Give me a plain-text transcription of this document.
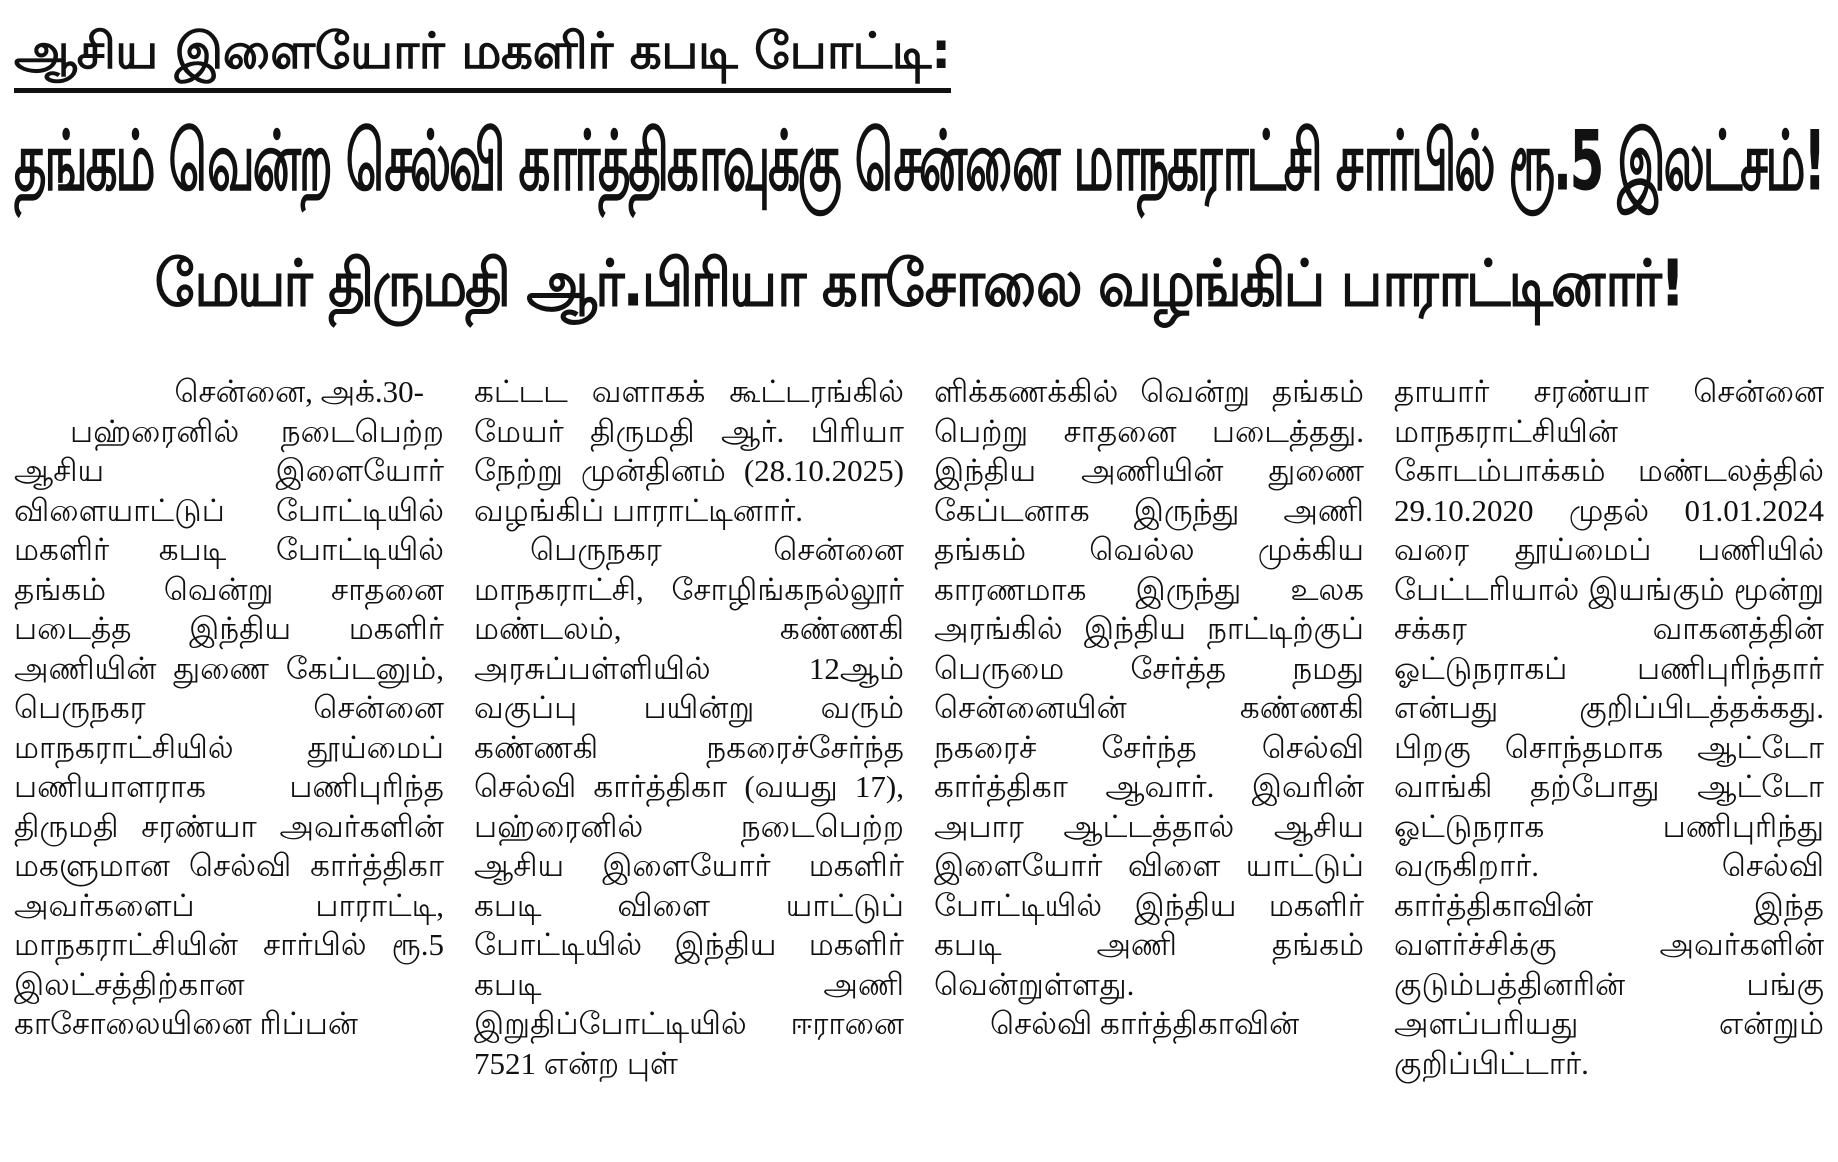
ஆசிய இளையோர் மகளிர் கபடி போட்டி:
தங்கம் வென்ற செல்வி கார்த்திகாவுக்கு சென்னை மாநகராட்சி சார்பில் ரூ.5 இலட்சம்!
மேயர் திருமதி ஆர்.பிரியா காசோலை வழங்கிப் பாராட்டினார்!
சென்னை, அக்.30-

பஹ்ரைனில் நடைபெற்ற ஆசிய இளையோர் விளையாட்டுப் போட்டியில் மகளிர் கபடி போட்டியில் தங்கம் வென்று சாதனை படைத்த இந்திய மகளிர் அணியின் துணை கேப்டனும், பெருநகர சென்னை மாநகராட்சியில் தூய்மைப் பணியாளராக பணிபுரிந்த திருமதி சரண்யா அவர்களின் மகளுமான செல்வி கார்த்திகா அவர்களைப் பாராட்டி, மாநகராட்சியின் சார்பில் ரூ.5 இலட்சத்திற்கான காசோலையினை ரிப்பன்

கட்டட வளாகக் கூட்டரங்கில் மேயர் திருமதி ஆர். பிரியா நேற்று முன்தினம் (28.10.2025) வழங்கிப் பாராட்டினார்.

பெருநகர சென்னை மாநகராட்சி, சோழிங்கநல்லூர் மண்டலம், கண்ணகி அரசுப்பள்ளியில் 12ஆம் வகுப்பு பயின்று வரும் கண்ணகி நகரைச்சேர்ந்த செல்வி கார்த்திகா (வயது 17), பஹ்ரைனில் நடைபெற்ற ஆசிய இளையோர் மகளிர் கபடி விளை யாட்டுப் போட்டியில் இந்திய மகளிர் கபடி அணி இறுதிப்போட்டியில் ஈரானை 7521 என்ற புள்

ளிக்கணக்கில் வென்று தங்கம் பெற்று சாதனை படைத்தது. இந்திய அணியின் துணை கேப்டனாக இருந்து அணி தங்கம் வெல்ல முக்கிய காரணமாக இருந்து உலக அரங்கில் இந்திய நாட்டிற்குப் பெருமை சேர்த்த நமது சென்னையின் கண்ணகி நகரைச் சேர்ந்த செல்வி கார்த்திகா ஆவார். இவரின் அபார ஆட்டத்தால் ஆசிய இளையோர் விளை யாட்டுப் போட்டியில் இந்திய மகளிர் கபடி அணி தங்கம் வென்றுள்ளது.

செல்வி கார்த்திகாவின்

தாயார் சரண்யா சென்னை மாநகராட்சியின் கோடம்பாக்கம் மண்டலத்தில் 29.10.2020 முதல் 01.01.2024 வரை தூய்மைப் பணியில் பேட்டரியால் இயங்கும் மூன்று சக்கர வாகனத்தின் ஓட்டுநராகப் பணிபுரிந்தார் என்பது குறிப்பிடத்தக்கது. பிறகு சொந்தமாக ஆட்டோ வாங்கி தற்போது ஆட்டோ ஓட்டுநராக பணிபுரிந்து வருகிறார். செல்வி கார்த்திகாவின் இந்த வளர்ச்சிக்கு அவர்களின் குடும்பத்தினரின் பங்கு அளப்பரியது என்றும் குறிப்பிட்டார்.
